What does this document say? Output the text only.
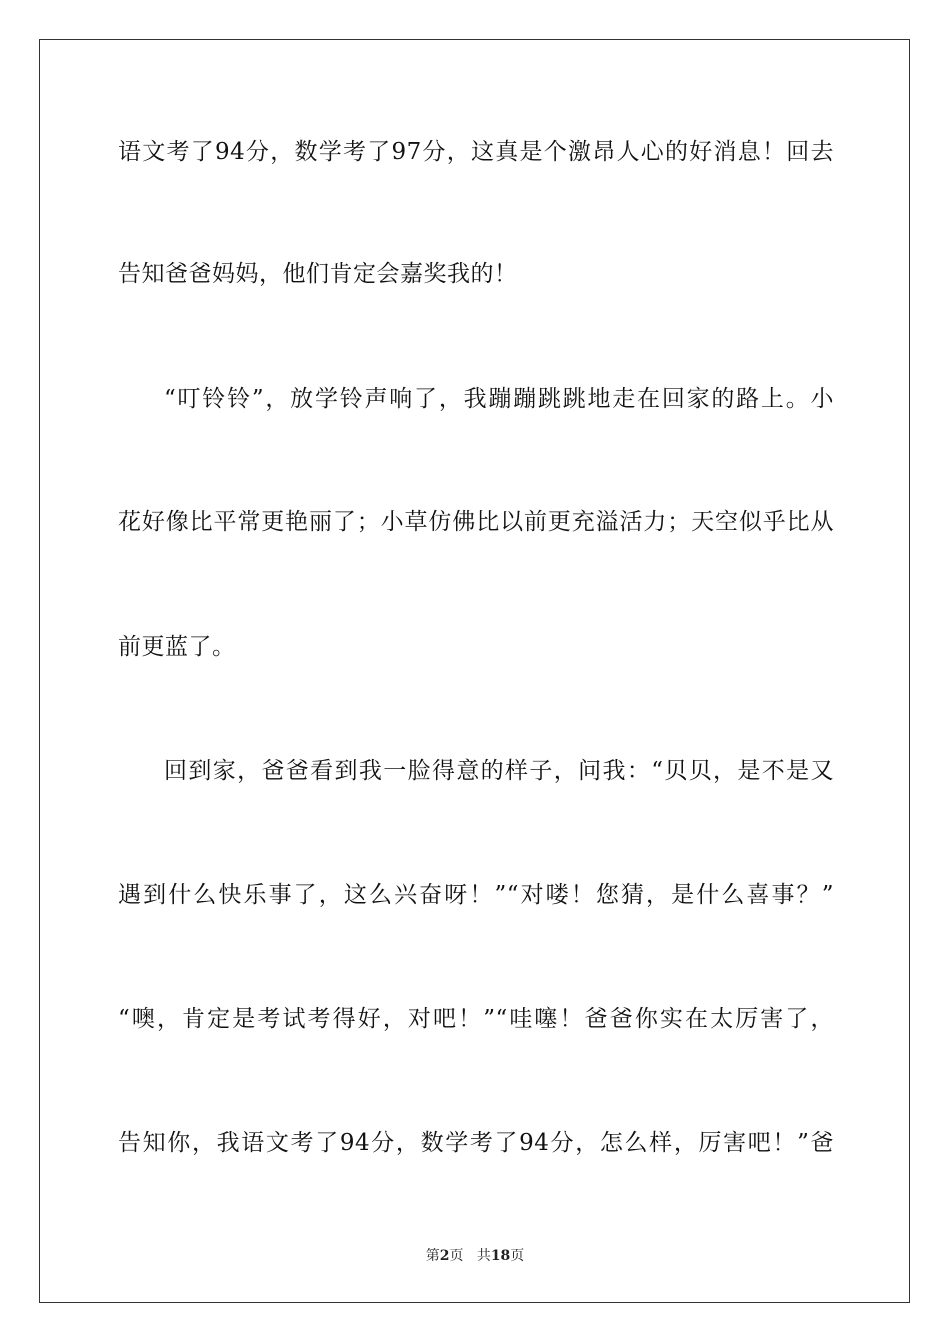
语文考了94分，数学考了97分，这真是个激昂人心的好消息！回去
告知爸爸妈妈，他们肯定会嘉奖我的！
“叮铃铃”，放学铃声响了，我蹦蹦跳跳地走在回家的路上。小
花好像比平常更艳丽了；小草仿佛比以前更充溢活力；天空似乎比从
前更蓝了。
回到家，爸爸看到我一脸得意的样子，问我：“贝贝，是不是又
遇到什么快乐事了，这么兴奋呀！”“对喽！您猜，是什么喜事？”
“噢，肯定是考试考得好，对吧！”“哇噻！爸爸你实在太厉害了，
告知你，我语文考了94分，数学考了94分，怎么样，厉害吧！”爸
第2页 共18页
